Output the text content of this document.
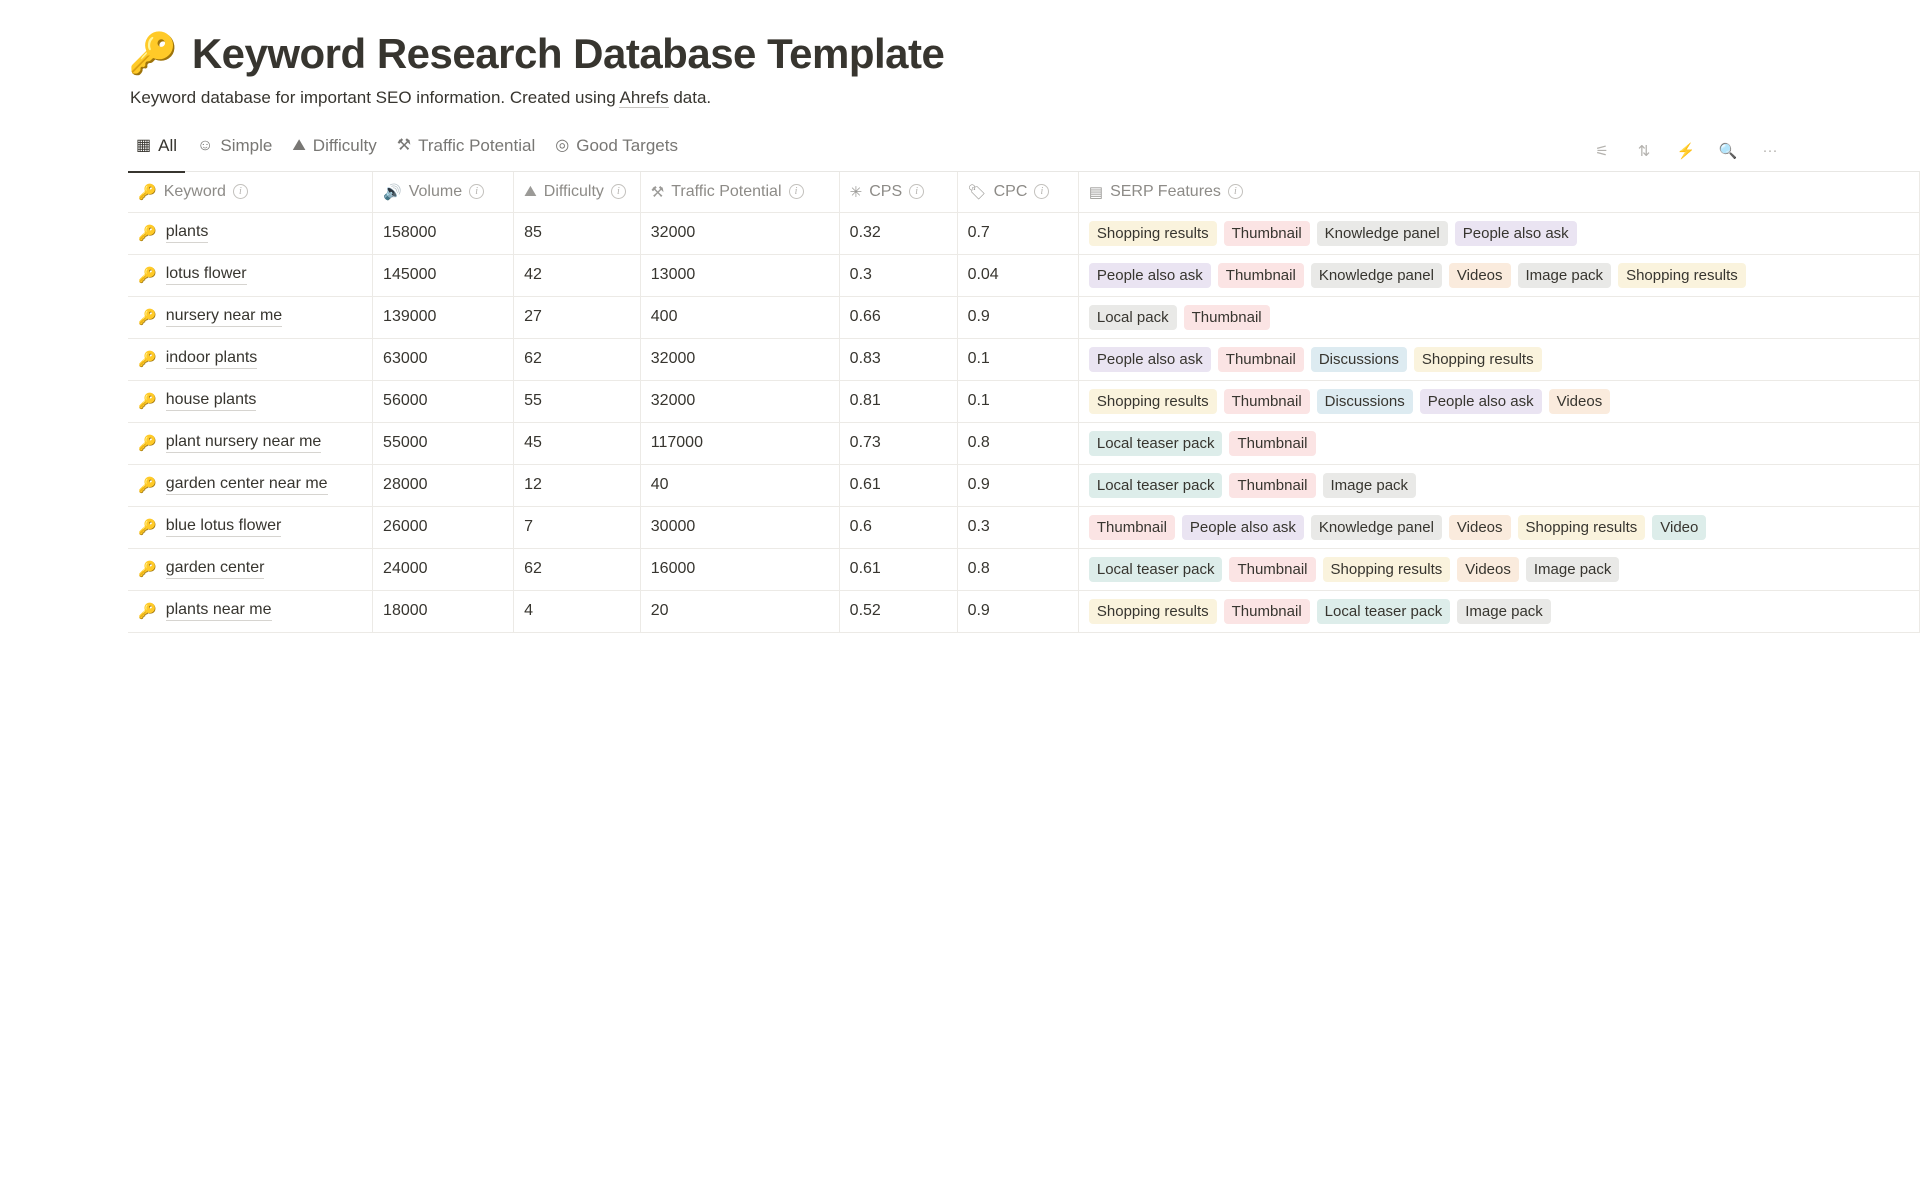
🔑 Keyword Research Database Template

Keyword database for important SEO information. Created using Ahrefs data.

▦ All ☺ Simple ⛰ Difficulty ⚒ Traffic Potential ◎ Good Targets	⚟ ⇅ ⚡ 🔍 ···
🔑 Keyword i	🔊 Volume i	⛰ Difficulty i	⚒ Traffic Potential i	✳ CPS i	🏷 CPC i	▤ SERP Features i

🔑 plants	158000	85	32000	0.32	0.7	Shopping results Thumbnail Knowledge panel People also ask

🔑 lotus flower	145000	42	13000	0.3	0.04	People also ask	Thumbnail	Knowledge panel	Videos	Image pack	Shopping results

🔑 nursery near me	139000	27	400	0.66	0.9	Local pack Thumbnail

🔑 indoor plants	63000	62	32000	0.83	0.1	People also ask Thumbnail Discussions Shopping results

🔑 house plants	56000	55	32000	0.81	0.1	Shopping results Thumbnail Discussions People also ask Videos

🔑 plant nursery near me	55000	45	117000	0.73	0.8	Local teaser pack Thumbnail

🔑 garden center near me	28000	12	40	0.61	0.9	Local teaser pack Thumbnail Image pack

🔑 blue lotus flower	26000	7	30000	0.6	0.3	Thumbnail	People also ask	Knowledge panel	Videos	Shopping results	Video

🔑 garden center	24000	62	16000	0.61	0.8	Local teaser pack Thumbnail Shopping results Videos Image pack

🔑 plants near me	18000	4	20	0.52	0.9	Shopping results Thumbnail Local teaser pack Image pack
